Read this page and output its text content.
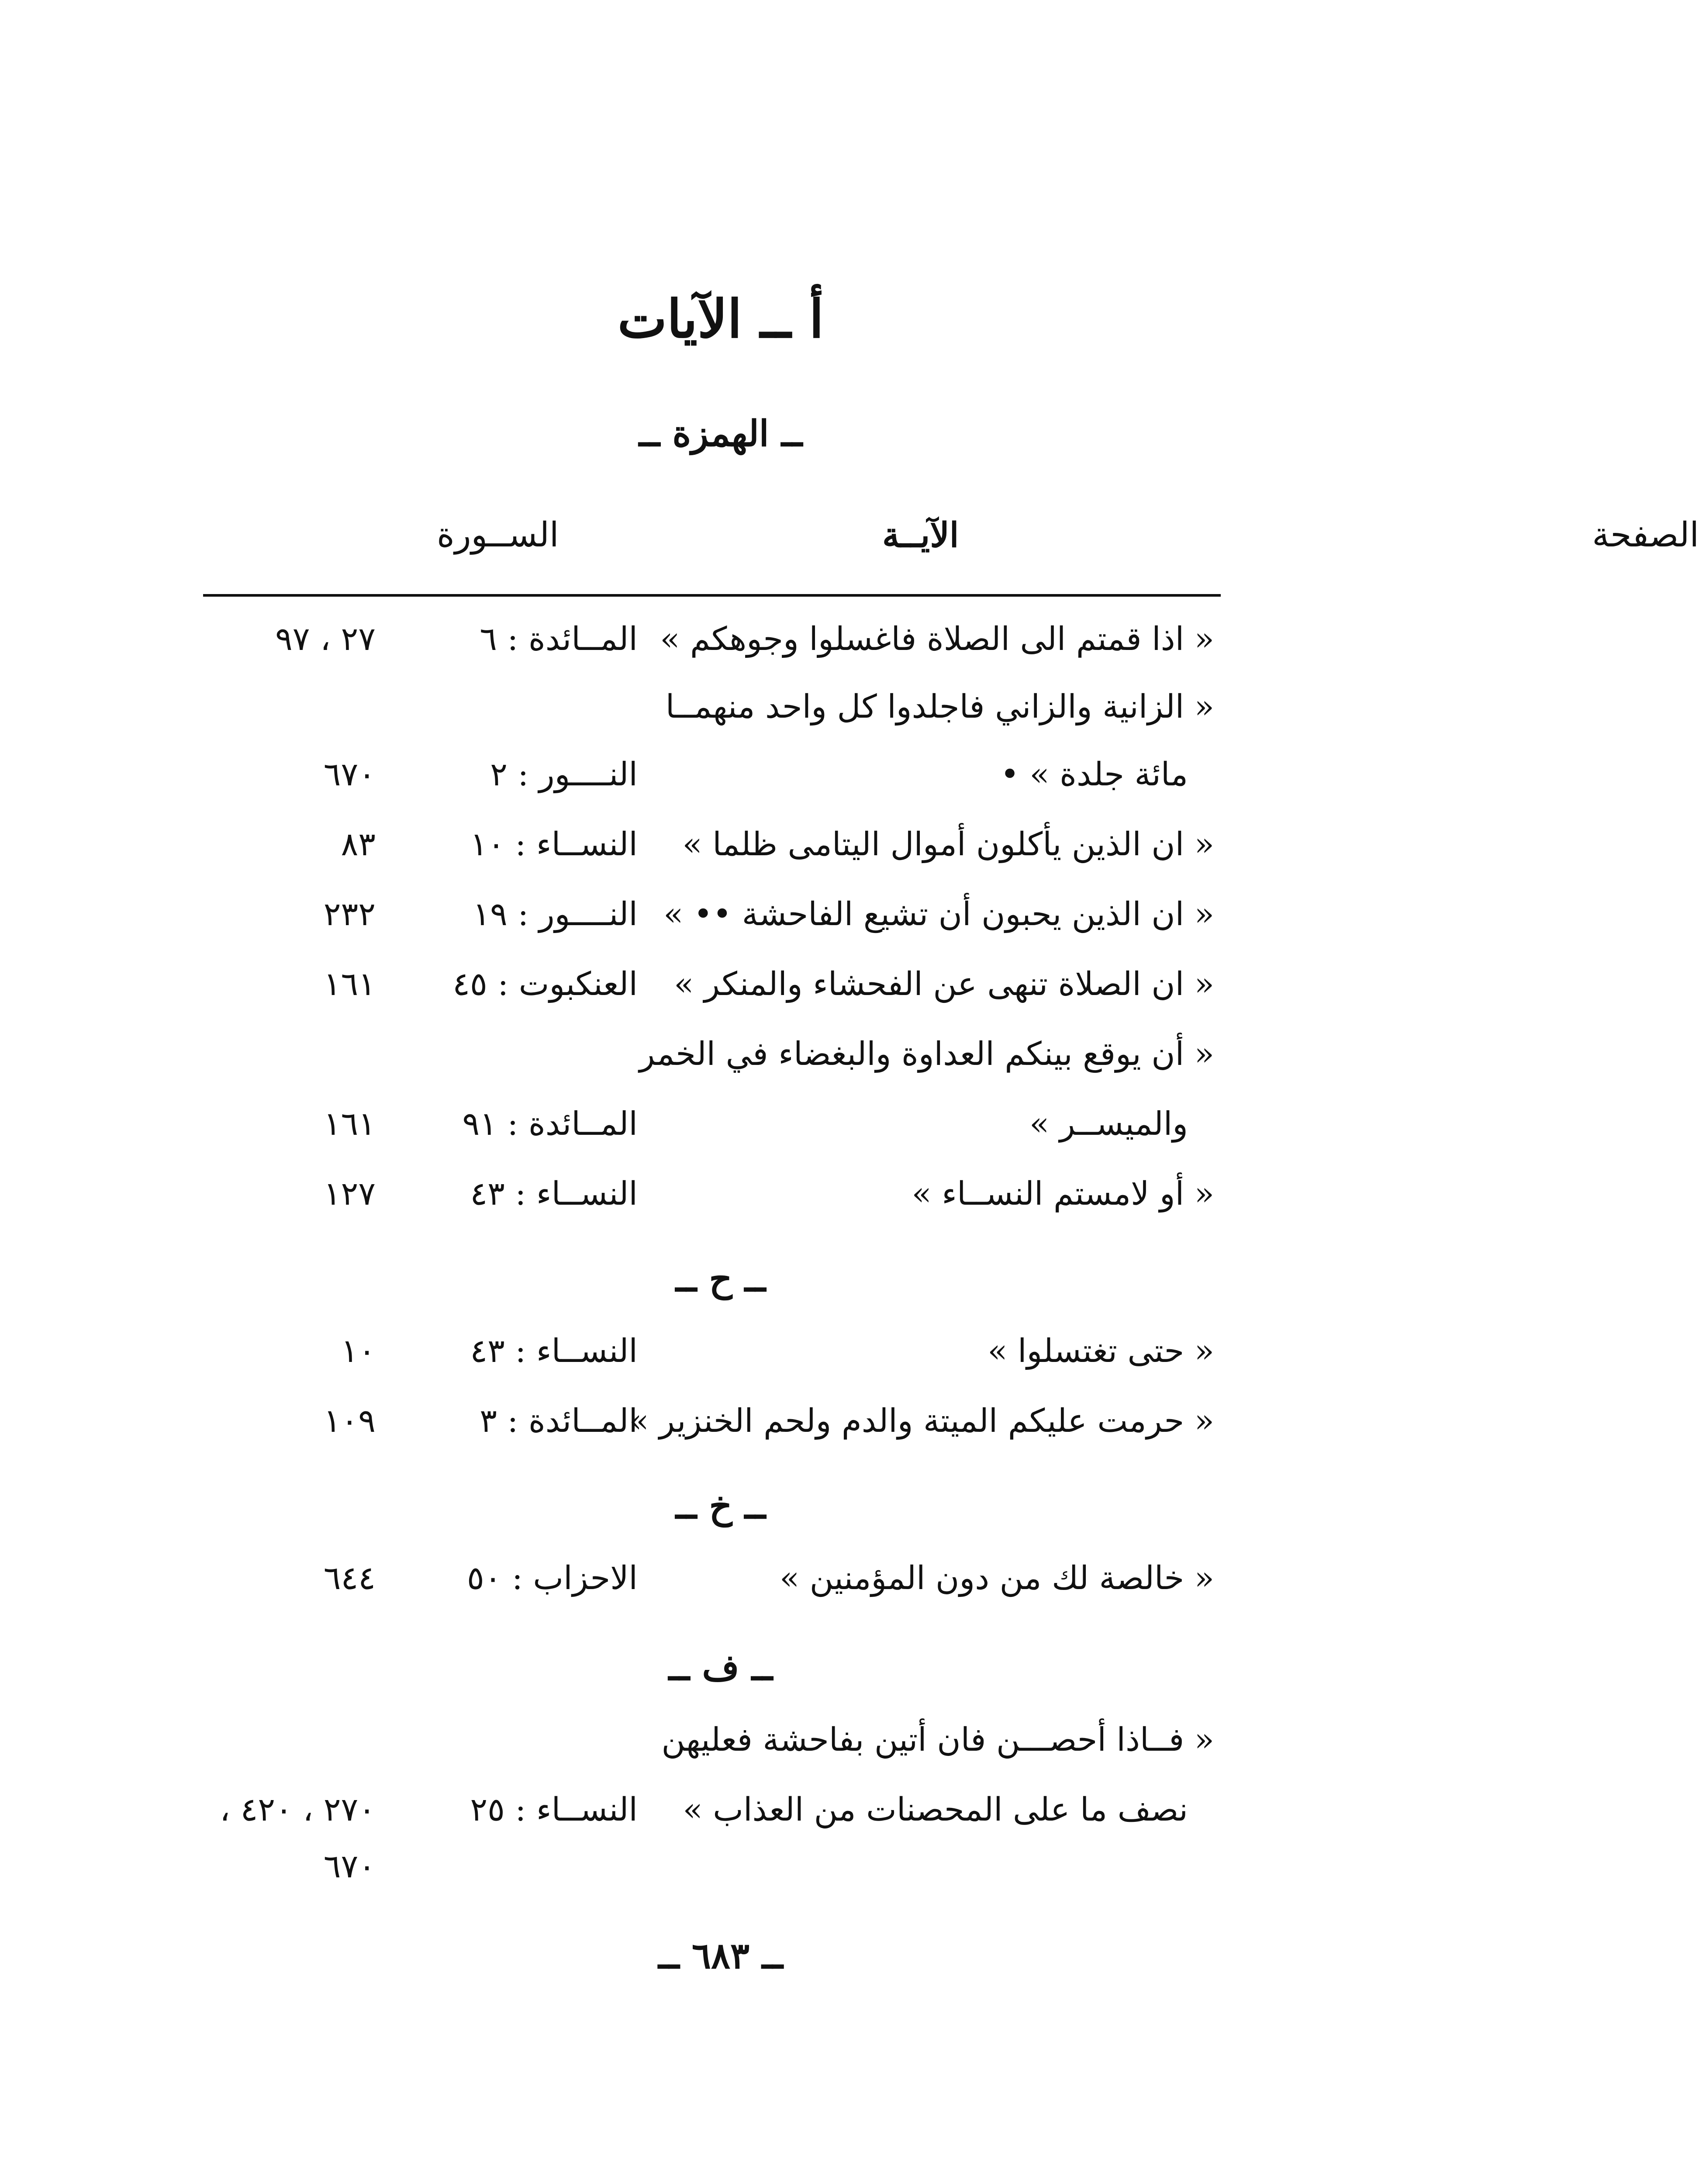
أ ــ الآيات
ــ الهمزة ــ
الآيــة
الســورة	الصفحة
« اذا قمتم الى الصلاة فاغسلوا وجوهكم »
المــائدة : ٦
٢٧ ، ٩٧
« الزانية والزاني فاجلدوا كل واحد منهمــا
مائة جلدة » •
النــــور : ٢
٦٧٠
« ان الذين يأكلون أموال اليتامى ظلما »
النســاء : ١٠
٨٣
« ان الذين يحبون أن تشيع الفاحشة •• »
النــــور : ١٩
٢٣٢
« ان الصلاة تنهى عن الفحشاء والمنكر »
العنكبوت : ٤٥
١٦١
« أن يوقع بينكم العداوة والبغضاء في الخمر
والميســر »
المــائدة : ٩١
١٦١
« أو لامستم النســاء »
النســاء : ٤٣
١٢٧
ــ ح ــ
« حتى تغتسلوا »
النســاء : ٤٣
١٠
« حرمت عليكم الميتة والدم ولحم الخنزير »
المــائدة : ٣
١٠٩
ــ خ ــ
« خالصة لك من دون المؤمنين »
الاحزاب : ٥٠
٦٤٤
ــ ف ــ
« فــاذا أحصـــن فان أتين بفاحشة فعليهن
نصف ما على المحصنات من العذاب »
النســاء : ٢٥
٢٧٠ ، ٤٢٠ ،
٦٧٠
ــ ٦٨٣ ــ
